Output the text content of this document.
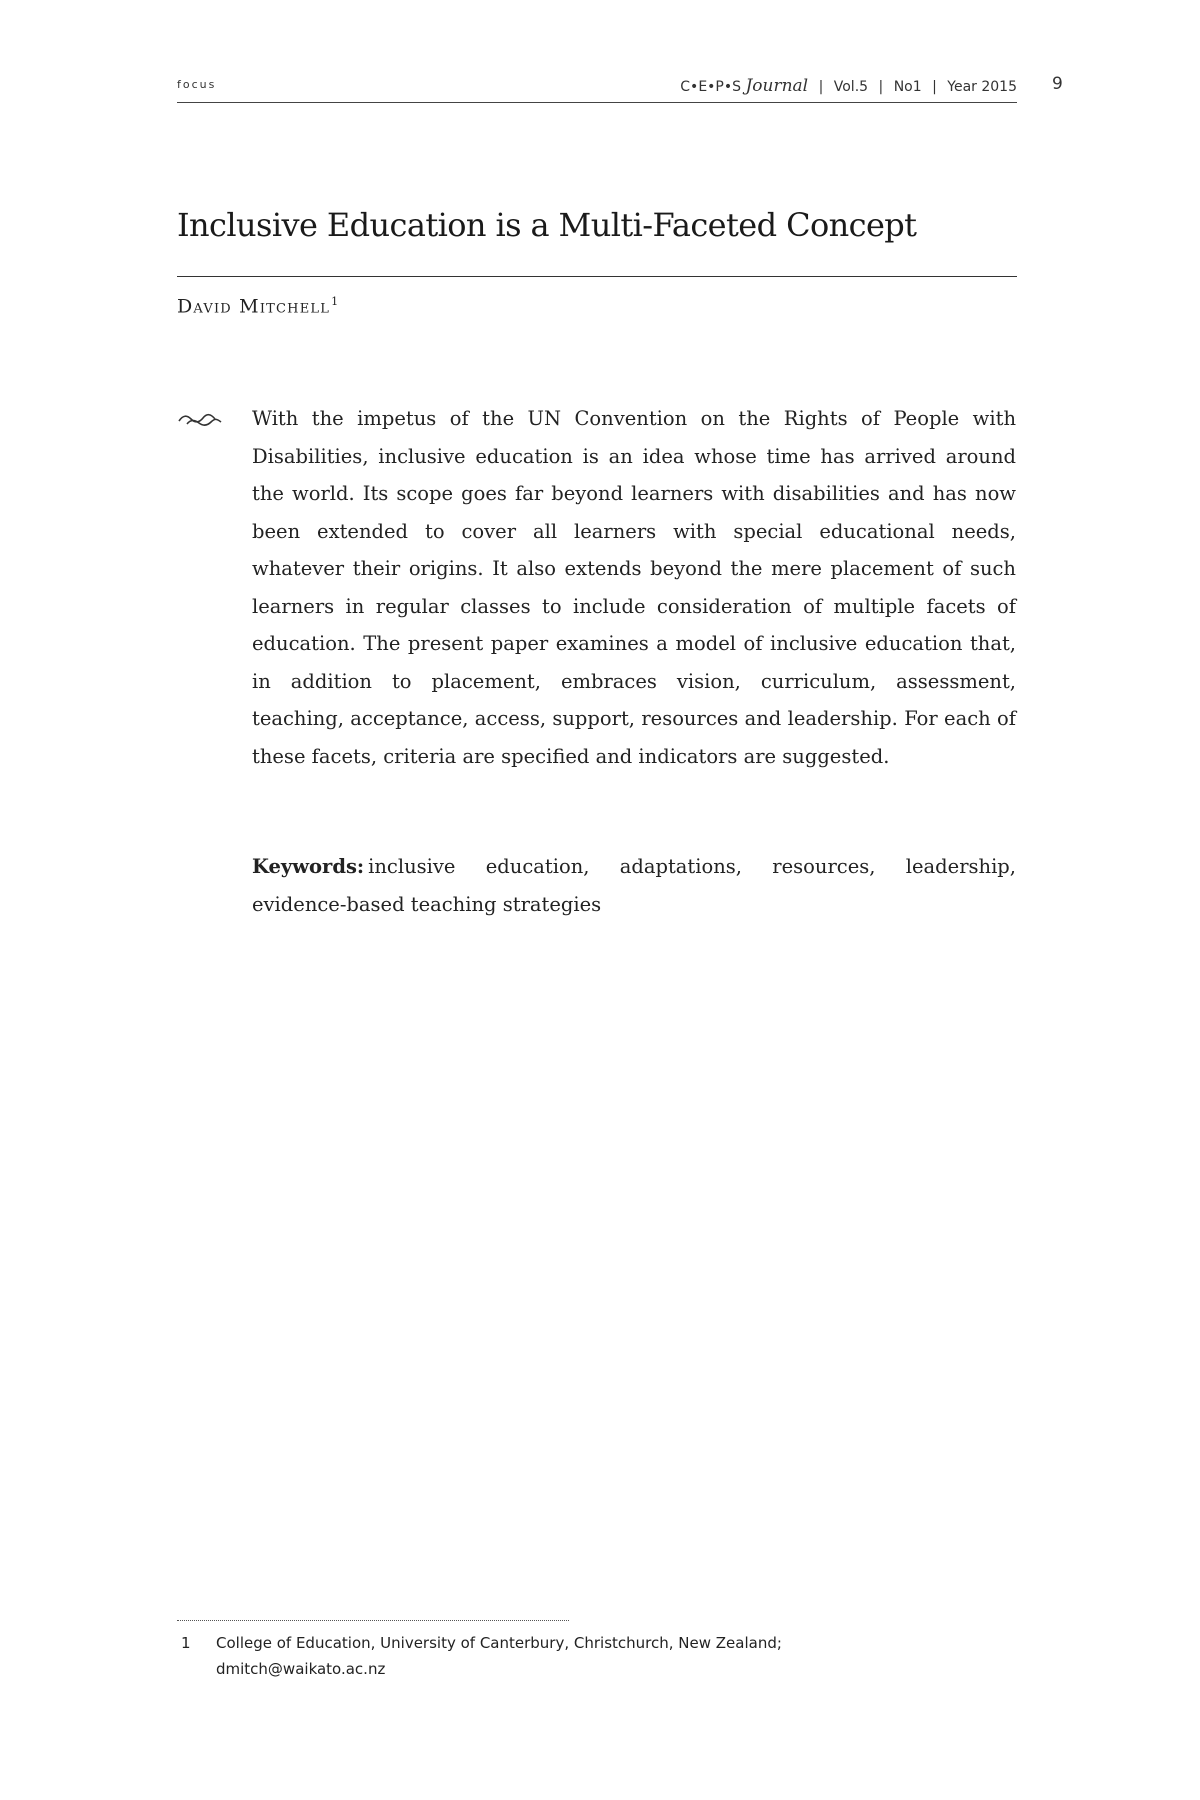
focus	C•E•P•S Journal | Vol.5 | No1 | Year 2015 9
Inclusive Education is a Multi-Faceted Concept
David Mitchell$^1$

With the impetus of the UN Convention on the Rights of People with Disabilities, inclusive education is an idea whose time has arrived around the world. Its scope goes far beyond learners with disabilities and has now been extended to cover all learners with special educational needs, whatever their origins. It also extends beyond the mere placement of such learners in regular classes to include consideration of multiple facets of education. The present paper examines a model of inclusive education that, in addition to placement, embraces vision, curriculum, assessment, teaching, acceptance, access, support, resources and leadership. For each of these facets, criteria are specified and indicators are suggested.

Keywords: inclusive education, adaptations, resources, leadership, evidence-based teaching strategies

1 College of Education, University of Canterbury, Christchurch, New Zealand;
dmitch@waikato.ac.nz
